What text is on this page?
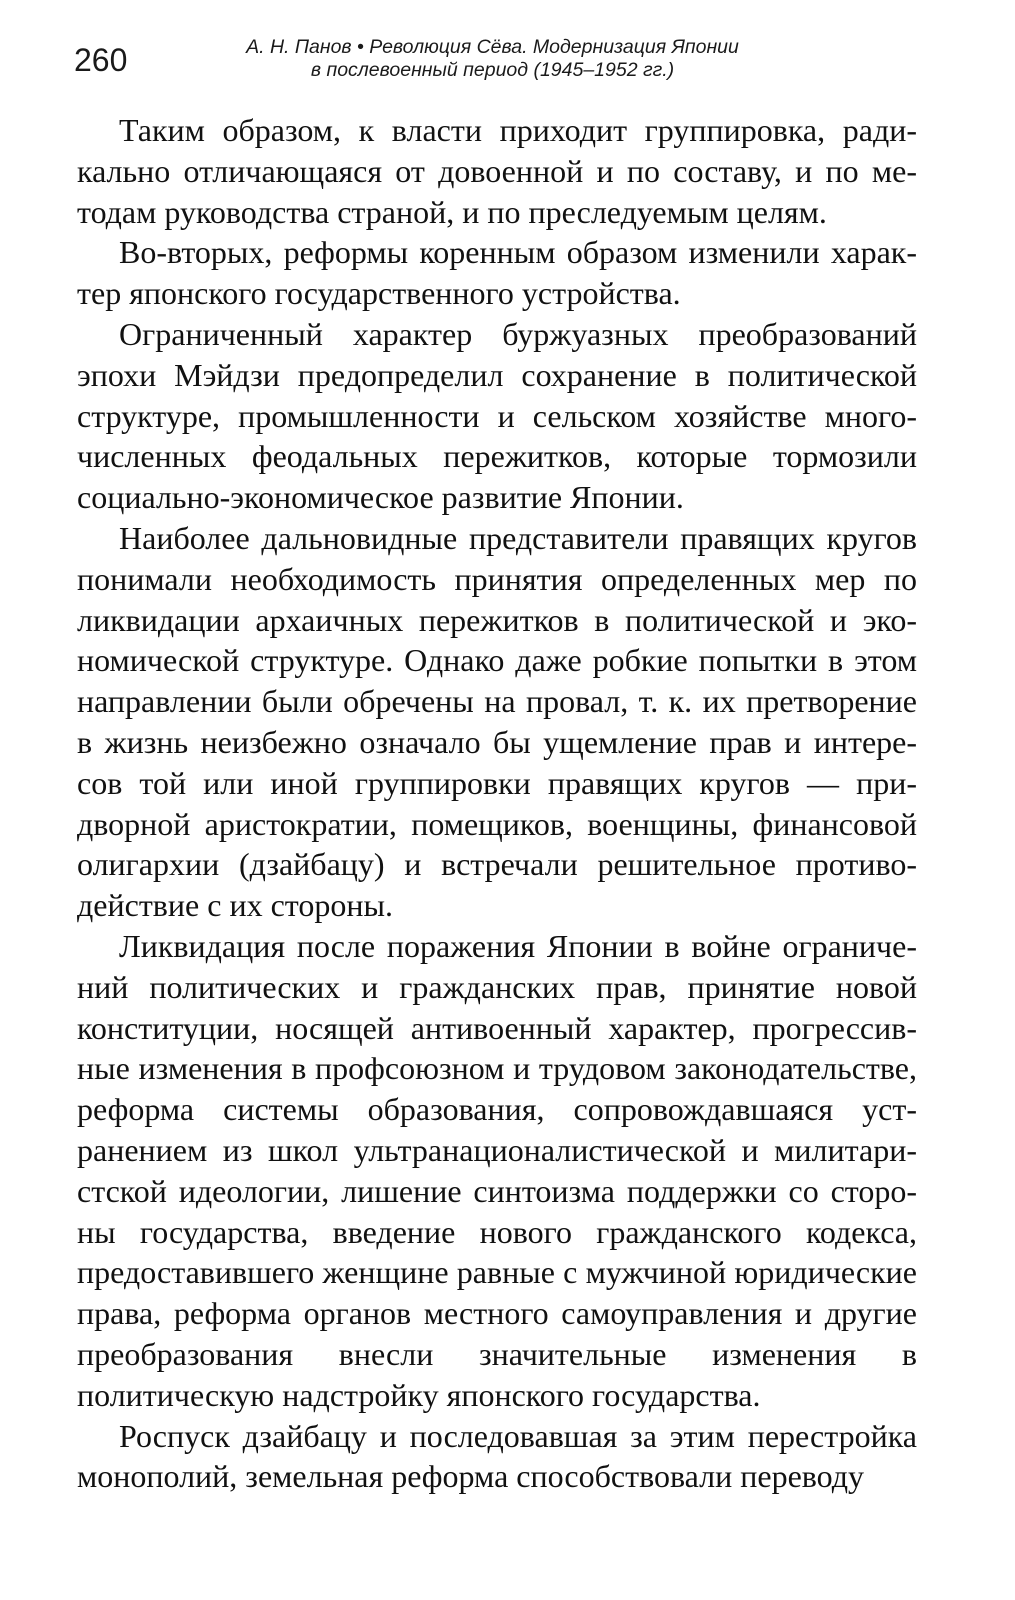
260	А. Н. Панов • Революция Сёва. Модернизация Японии
в послевоенный период (1945–1952 гг.)

Таким образом, к власти приходит группировка, радикально отличающаяся от довоенной и по составу, и по методам руководства страной, и по преследуемым целям.

Во-вторых, реформы коренным образом изменили характер японского государственного устройства.

Ограниченный характер буржуазных преобразований эпохи Мэйдзи предопределил сохранение в политической структуре, промышленности и сельском хозяйстве многочисленных феодальных пережитков, которые тормозили социально-экономическое развитие Японии.

Наиболее дальновидные представители правящих кругов понимали необходимость принятия определенных мер по ликвидации архаичных пережитков в политической и экономической структуре. Однако даже робкие попытки в этом направлении были обречены на провал, т. к. их претворение в жизнь неизбежно означало бы ущемление прав и интересов той или иной группировки правящих кругов — придворной аристократии, помещиков, военщины, финансовой олигархии (дзайбацу) и встречали решительное противодействие с их стороны.

Ликвидация после поражения Японии в войне ограничений политических и гражданских прав, принятие новой конституции, носящей антивоенный характер, прогрессивные изменения в профсоюзном и трудовом законодательстве, реформа системы образования, сопровождавшаяся устранением из школ ультранационалистической и милитаристской идеологии, лишение синтоизма поддержки со стороны государства, введение нового гражданского кодекса, предоставившего женщине равные с мужчиной юридические права, реформа органов местного самоуправления и другие преобразования внесли значительные изменения в политическую надстройку японского государства.

Роспуск дзайбацу и последовавшая за этим перестройка монополий, земельная реформа способствовали переводу
